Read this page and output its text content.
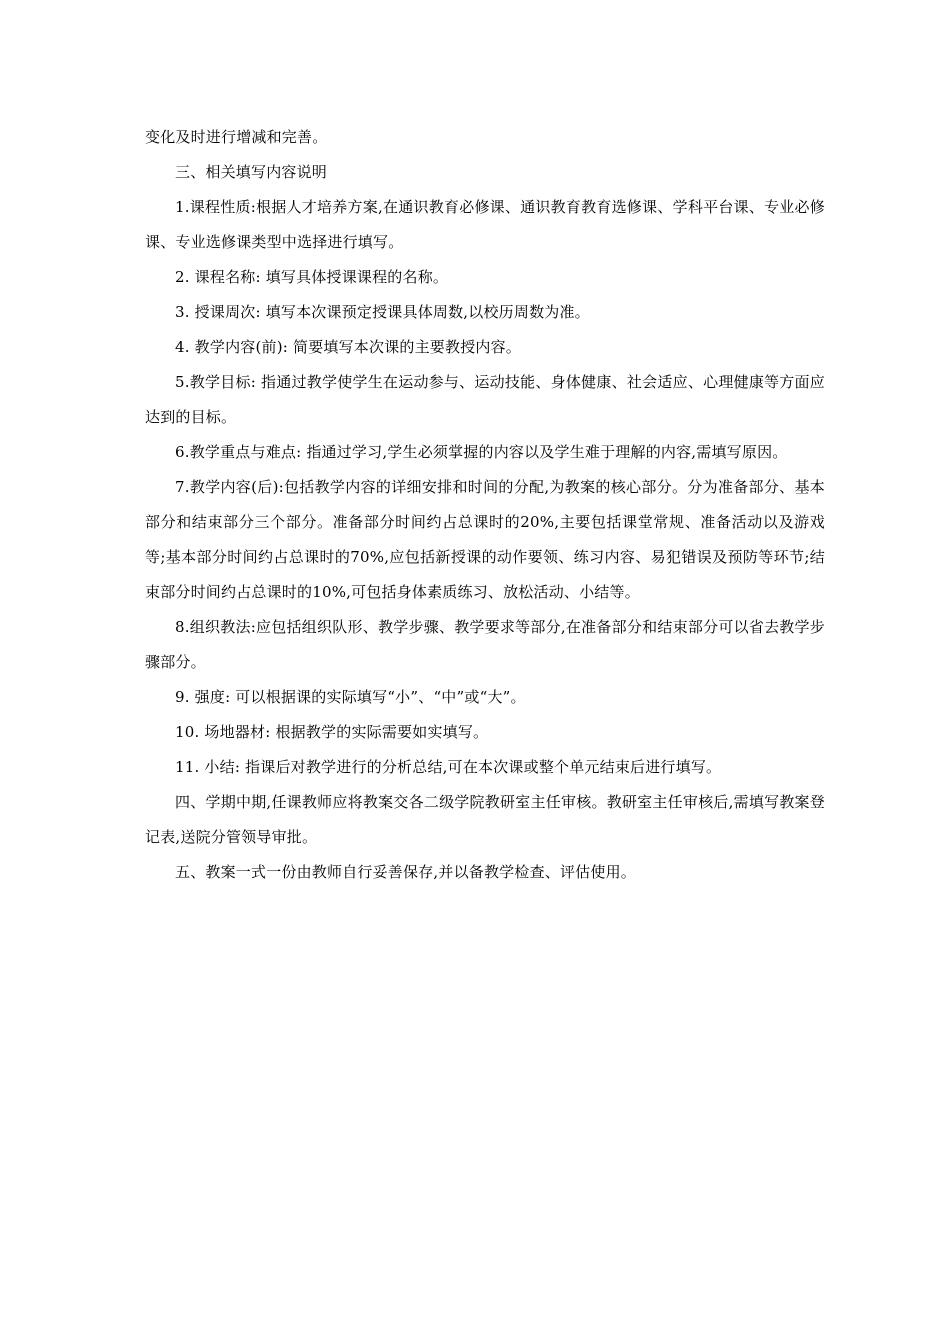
变化及时进行增减和完善。

三、相关填写内容说明

1.课程性质:根据人才培养方案,在通识教育必修课、通识教育教育选修课、学科平台课、专业必修课、专业选修课类型中选择进行填写。

2. 课程名称: 填写具体授课课程的名称。

3. 授课周次: 填写本次课预定授课具体周数,以校历周数为准。

4. 教学内容(前): 简要填写本次课的主要教授内容。

5.教学目标: 指通过教学使学生在运动参与、运动技能、身体健康、社会适应、心理健康等方面应达到的目标。

6.教学重点与难点: 指通过学习,学生必须掌握的内容以及学生难于理解的内容,需填写原因。

7.教学内容(后):包括教学内容的详细安排和时间的分配,为教案的核心部分。分为准备部分、基本部分和结束部分三个部分。准备部分时间约占总课时的20%,主要包括课堂常规、准备活动以及游戏等;基本部分时间约占总课时的70%,应包括新授课的动作要领、练习内容、易犯错误及预防等环节;结束部分时间约占总课时的10%,可包括身体素质练习、放松活动、小结等。

8.组织教法:应包括组织队形、教学步骤、教学要求等部分,在准备部分和结束部分可以省去教学步骤部分。

9. 强度: 可以根据课的实际填写“小”、“中”或“大”。

10. 场地器材: 根据教学的实际需要如实填写。

11. 小结: 指课后对教学进行的分析总结,可在本次课或整个单元结束后进行填写。

四、学期中期,任课教师应将教案交各二级学院教研室主任审核。教研室主任审核后,需填写教案登记表,送院分管领导审批。

五、教案一式一份由教师自行妥善保存,并以备教学检查、评估使用。
